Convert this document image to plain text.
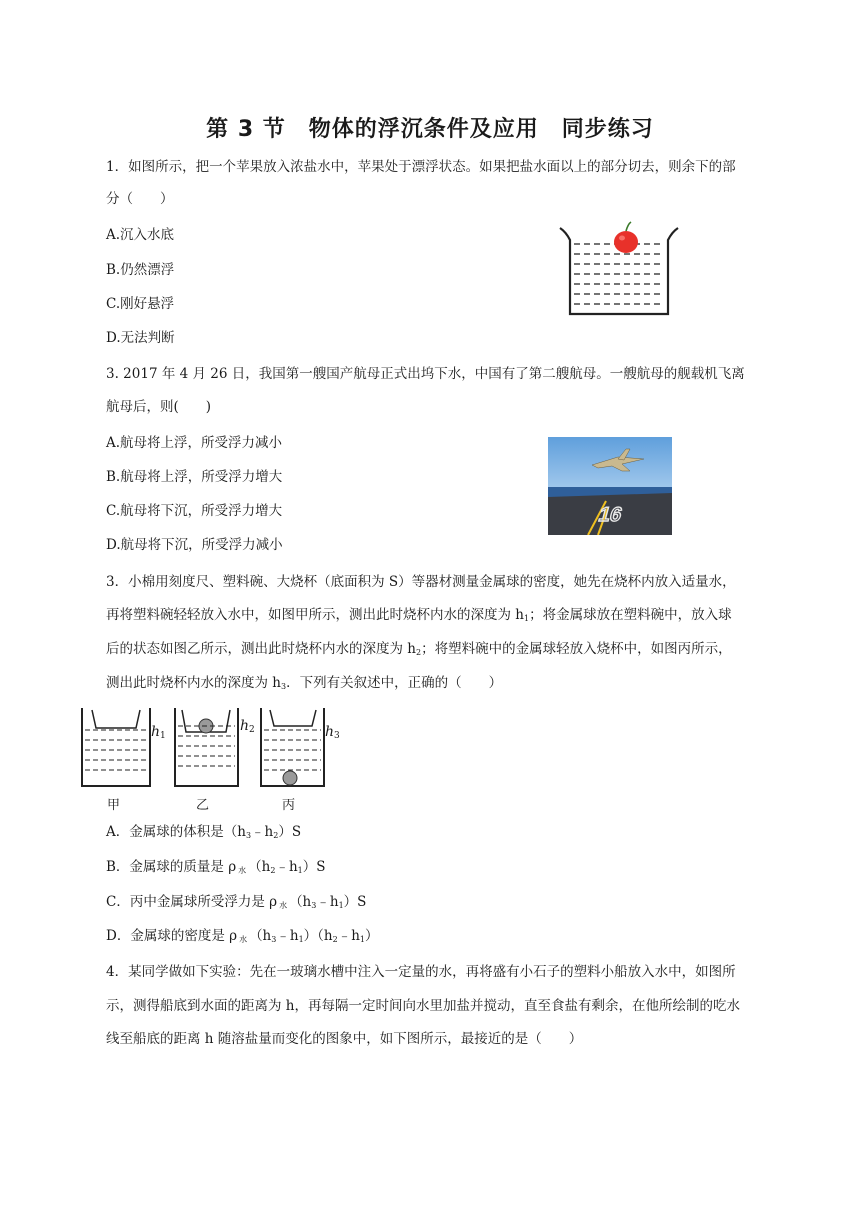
第 3 节　物体的浮沉条件及应用　同步练习
1．如图所示，把一个苹果放入浓盐水中，苹果处于漂浮状态。如果把盐水面以上的部分切去，则余下的部
分（　　）
A.沉入水底
B.仍然漂浮
C.刚好悬浮
D.无法判断
3. 2017 年 4 月 26 日，我国第一艘国产航母正式出坞下水，中国有了第二艘航母。一艘航母的舰载机飞离
航母后，则(　　)
A.航母将上浮，所受浮力减小
B.航母将上浮，所受浮力增大
C.航母将下沉，所受浮力增大
D.航母将下沉，所受浮力减小
16
3．小棉用刻度尺、塑料碗、大烧杯（底面积为 S）等器材测量金属球的密度，她先在烧杯内放入适量水，
再将塑料碗轻轻放入水中，如图甲所示，测出此时烧杯内水的深度为 $h_1$；将金属球放在塑料碗中，放入球
后的状态如图乙所示，测出此时烧杯内水的深度为 $h_2$；将塑料碗中的金属球轻放入烧杯中，如图丙所示，
测出此时烧杯内水的深度为 $h_3$．下列有关叙述中，正确的（　　）
$h_1$
$h_2$	$h_3$
甲	乙	丙
A．金属球的体积是$(h_3﹣h_2)S$
B．金属球的质量是 ρ 水 $(h_2﹣h_1)S$
C．丙中金属球所受浮力是 ρ 水 $(h_3﹣h_1)S$
D．金属球的密度是 ρ 水 $(h_3﹣h_1)(h_2﹣h_1)$
4．某同学做如下实验：先在一玻璃水槽中注入一定量的水，再将盛有小石子的塑料小船放入水中，如图所
示，测得船底到水面的距离为 h，再每隔一定时间向水里加盐并搅动，直至食盐有剩余，在他所绘制的吃水
线至船底的距离 h 随溶盐量而变化的图象中，如下图所示，最接近的是（　　）
